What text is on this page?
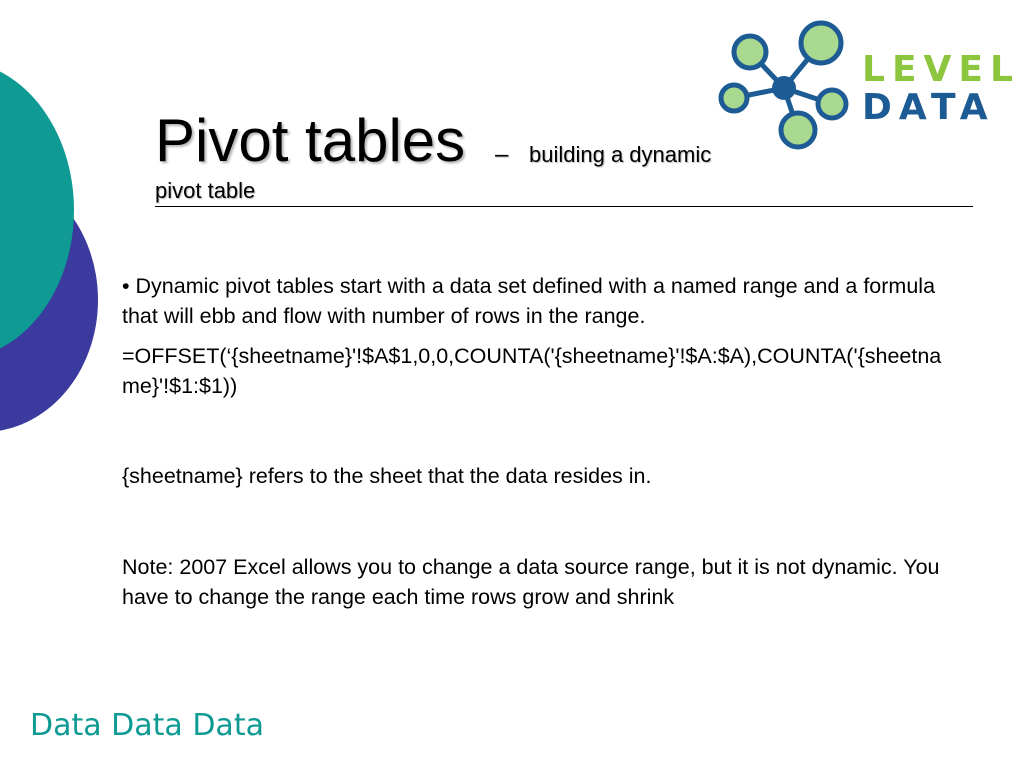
Pivot tables – building a dynamic
pivot table
LEVEL
DATA

• Dynamic pivot tables start with a data set defined with a named range and a formula that will ebb and flow with number of rows in the range.

=OFFSET(‘{sheetname}'!$A$1,0,0,COUNTA('{sheetname}'!$A:$A),COUNTA('{sheetname}'!$1:$1))

{sheetname} refers to the sheet that the data resides in.

Note: 2007 Excel allows you to change a data source range, but it is not dynamic. You have to change the range each time rows grow and shrink

Data Data Data
